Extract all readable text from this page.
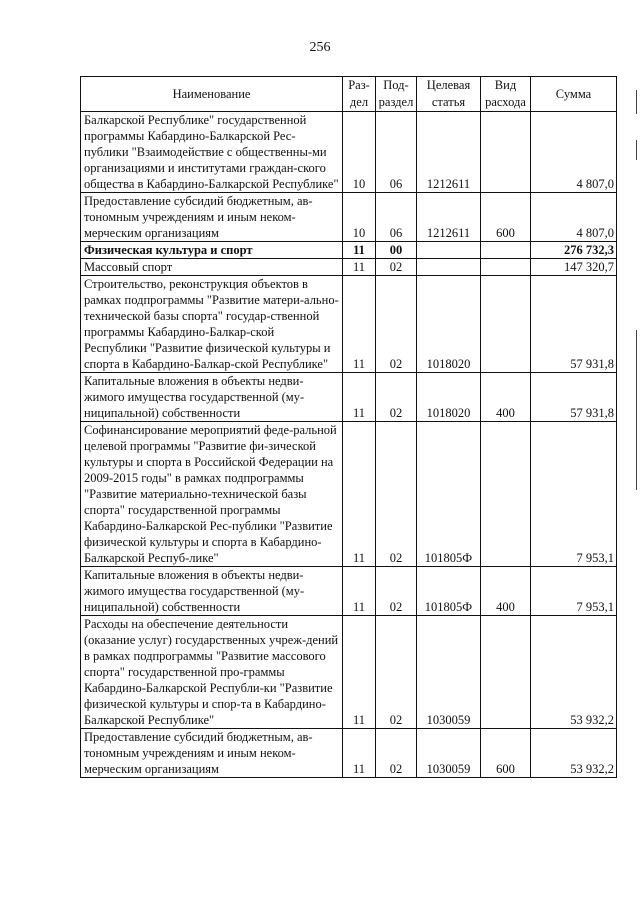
256
Наименование	Раз-дел	Под-раздел	Целевая статья	Вид расхода	Сумма
Балкарской Республике" государственной программы Кабардино-Балкарской Рес-публики "Взаимодействие с общественны-ми организациями и институтами граждан-ского общества в Кабардино-Балкарской Республике"	10	06	1212611		4 807,0
Предоставление субсидий бюджетным, ав-тономным учреждениям и иным неком-мерческим организациям	10	06	1212611	600	4 807,0
Физическая культура и спорт	11	00			276 732,3
Массовый спорт	11	02			147 320,7
Строительство, реконструкция объектов в рамках подпрограммы "Развитие матери-ально-технической базы спорта" государ-ственной программы Кабардино-Балкар-ской Республики "Развитие физической культуры и спорта в Кабардино-Балкар-ской Республике"	11	02	1018020		57 931,8
Капитальные вложения в объекты недви-жимого имущества государственной (му-ниципальной) собственности	11	02	1018020	400	57 931,8
Софинансирование мероприятий феде-ральной целевой программы "Развитие фи-зической культуры и спорта в Российской Федерации на 2009-2015 годы" в рамках подпрограммы "Развитие материально-технической базы спорта" государственной программы Кабардино-Балкарской Рес-публики "Развитие физической культуры и спорта в Кабардино-Балкарской Респуб-лике"	11	02	101805Ф		7 953,1
Капитальные вложения в объекты недви-жимого имущества государственной (му-ниципальной) собственности	11	02	101805Ф	400	7 953,1
Расходы на обеспечение деятельности (оказание услуг) государственных учреж-дений в рамках подпрограммы "Развитие массового спорта" государственной про-граммы Кабардино-Балкарской Республи-ки "Развитие физической культуры и спор-та в Кабардино-Балкарской Республике"	11	02	1030059		53 932,2
Предоставление субсидий бюджетным, ав-тономным учреждениям и иным неком-мерческим организациям	11	02	1030059	600	53 932,2
